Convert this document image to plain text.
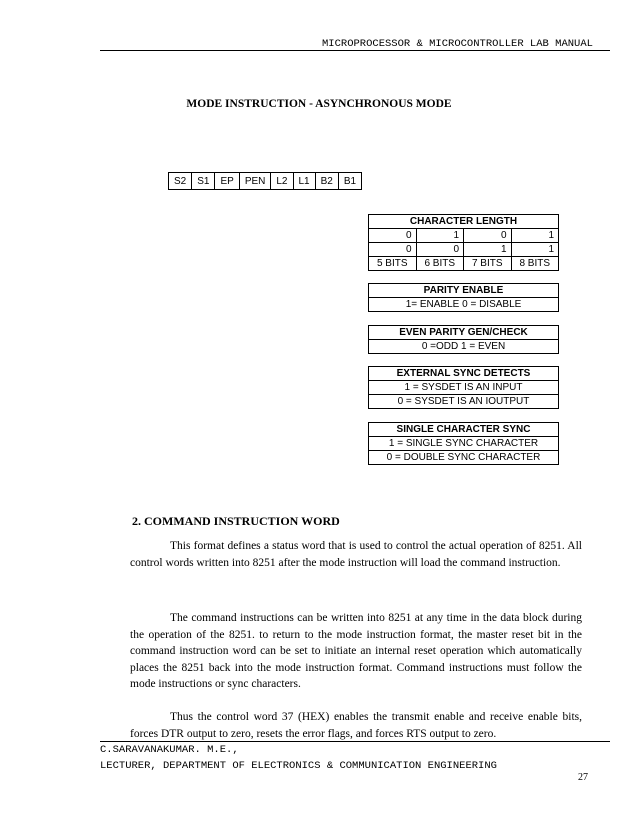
MICROPROCESSOR & MICROCONTROLLER LAB MANUAL
MODE INSTRUCTION - ASYNCHRONOUS MODE
S2	S1	EP	PEN	L2	L1	B2	B1
CHARACTER LENGTH			
0	1	0	1
0	0	1	1
5 BITS	6 BITS	7 BITS	8 BITS
PARITY ENABLE
1= ENABLE 0 = DISABLE
EVEN PARITY GEN/CHECK
0 =ODD 1 = EVEN
EXTERNAL SYNC DETECTS
1 = SYSDET IS AN INPUT
0 = SYSDET IS AN IOUTPUT
SINGLE CHARACTER SYNC
1 = SINGLE SYNC CHARACTER
0 = DOUBLE SYNC CHARACTER
2. COMMAND INSTRUCTION WORD
This format defines a status word that is used to control the actual operation of 8251. All control words written into 8251 after the mode instruction will load the command instruction.
The command instructions can be written into 8251 at any time in the data block during the operation of the 8251. to return to the mode instruction format, the master reset bit in the command instruction word can be set to initiate an internal reset operation which automatically places the 8251 back into the mode instruction format. Command instructions must follow the mode instructions or sync characters.
Thus the control word 37 (HEX) enables the transmit enable and receive enable bits, forces DTR output to zero, resets the error flags, and forces RTS output to zero.
C.SARAVANAKUMAR. M.E.,
LECTURER, DEPARTMENT OF ELECTRONICS & COMMUNICATION ENGINEERING
27
